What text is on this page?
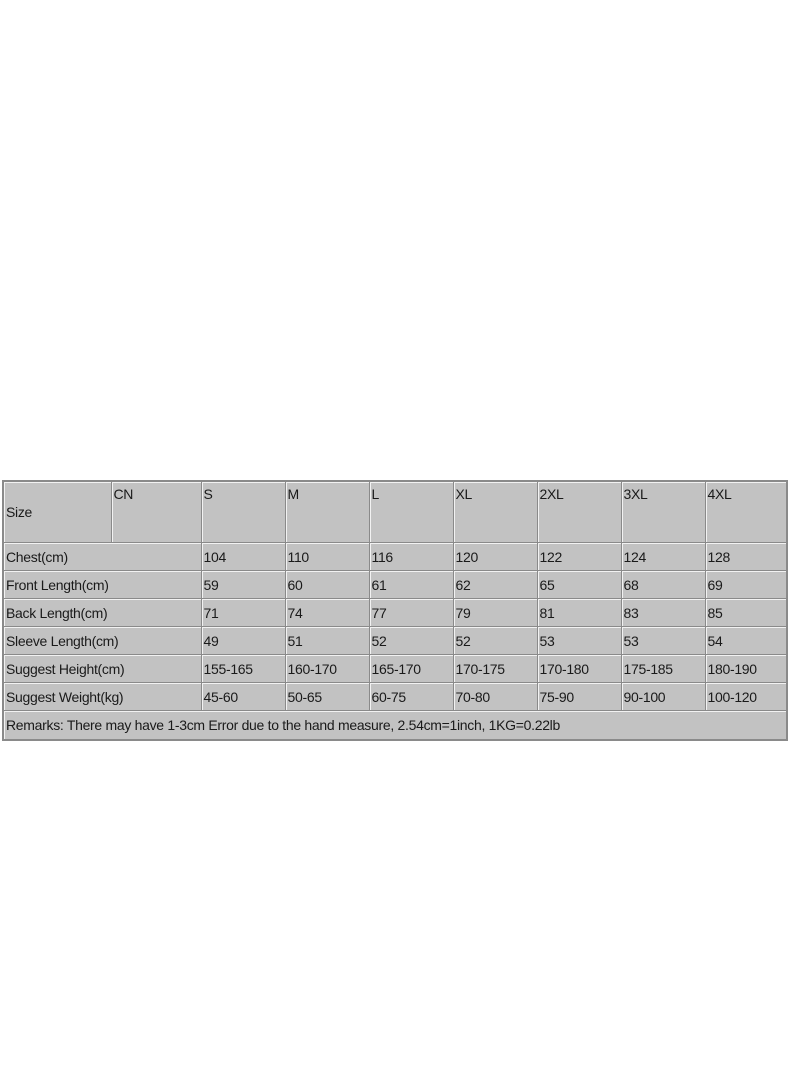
Size	CN	S	M	L	XL	2XL	3XL	4XL
Chest(cm)		104	110	116	120	122	124	128
Front Length(cm)		59	60	61	62	65	68	69
Back Length(cm)		71	74	77	79	81	83	85
Sleeve Length(cm)		49	51	52	52	53	53	54
Suggest Height(cm)		155-165	160-170	165-170	170-175	170-180	175-185	180-190
Suggest Weight(kg)		45-60	50-65	60-75	70-80	75-90	90-100	100-120
Remarks: There may have 1-3cm Error due to the hand measure, 2.54cm=1inch, 1KG=0.22lb								
